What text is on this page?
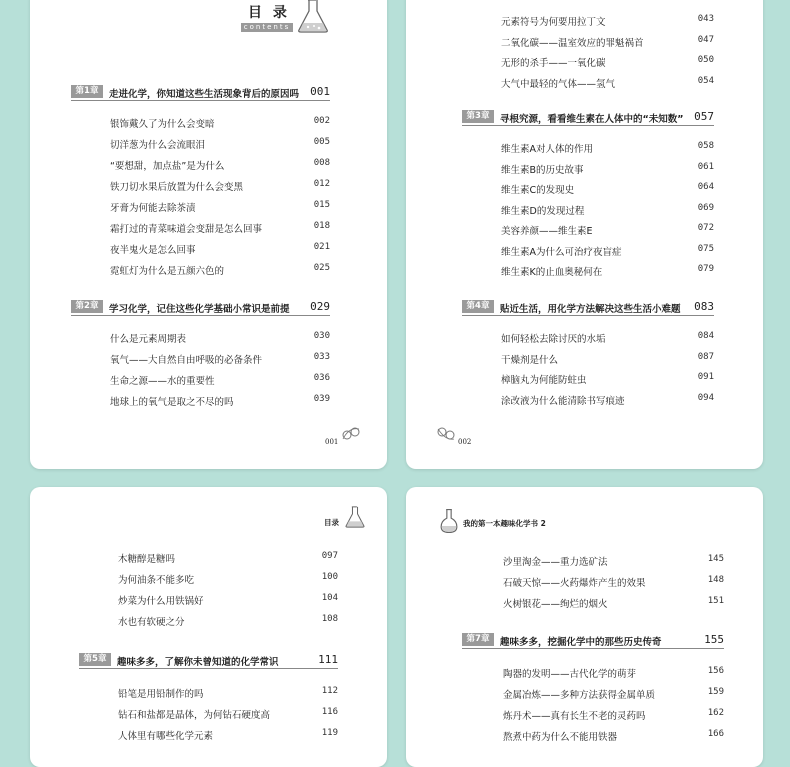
目 录
contents
第1章	走进化学，你知道这些生活现象背后的原因吗 001
银饰戴久了为什么会变暗	002
切洋葱为什么会流眼泪	005
“要想甜，加点盐”是为什么	008
铁刀切水果后放置为什么会变黑	012
牙膏为何能去除茶渍	015
霜打过的青菜味道会变甜是怎么回事	018
夜半鬼火是怎么回事	021
霓虹灯为什么是五颜六色的	025
第2章	学习化学，记住这些化学基础小常识是前提 029
什么是元素周期表	030
氧气——大自然自由呼吸的必备条件	033
生命之源——水的重要性	036
地球上的氧气是取之不尽的吗	039
001
元素符号为何要用拉丁文	043
二氧化碳——温室效应的罪魁祸首	047
无形的杀手——一氧化碳	050
大气中最轻的气体——氢气	054
第3章	寻根究源，看看维生素在人体中的“未知数” 057
维生素A对人体的作用	058
维生素B的历史故事	061
维生素C的发现史	064
维生素D的发现过程	069
美容养颜——维生素E	072
维生素A为什么可治疗夜盲症	075
维生素K的止血奥秘何在	079
第4章	贴近生活，用化学方法解决这些生活小难题 083
如何轻松去除讨厌的水垢	084
干燥剂是什么	087
樟脑丸为何能防蛀虫	091
涂改液为什么能清除书写痕迹	094
002
目录
木糖醇是糖吗	097
为何油条不能多吃	100
炒菜为什么用铁锅好	104
水也有软硬之分	108
第5章	趣味多多，了解你未曾知道的化学常识	111
铅笔是用铅制作的吗	112
钻石和盐都是晶体，为何钻石硬度高	116
人体里有哪些化学元素	119
我的第一本趣味化学书 2
沙里淘金——重力选矿法	145
石破天惊——火药爆炸产生的效果	148
火树银花——绚烂的烟火	151
第7章	趣味多多，挖掘化学中的那些历史传奇	155
陶器的发明——古代化学的萌芽	156
金属冶炼——多种方法获得金属单质	159
炼丹术——真有长生不老的灵药吗	162
熬煮中药为什么不能用铁器	166
